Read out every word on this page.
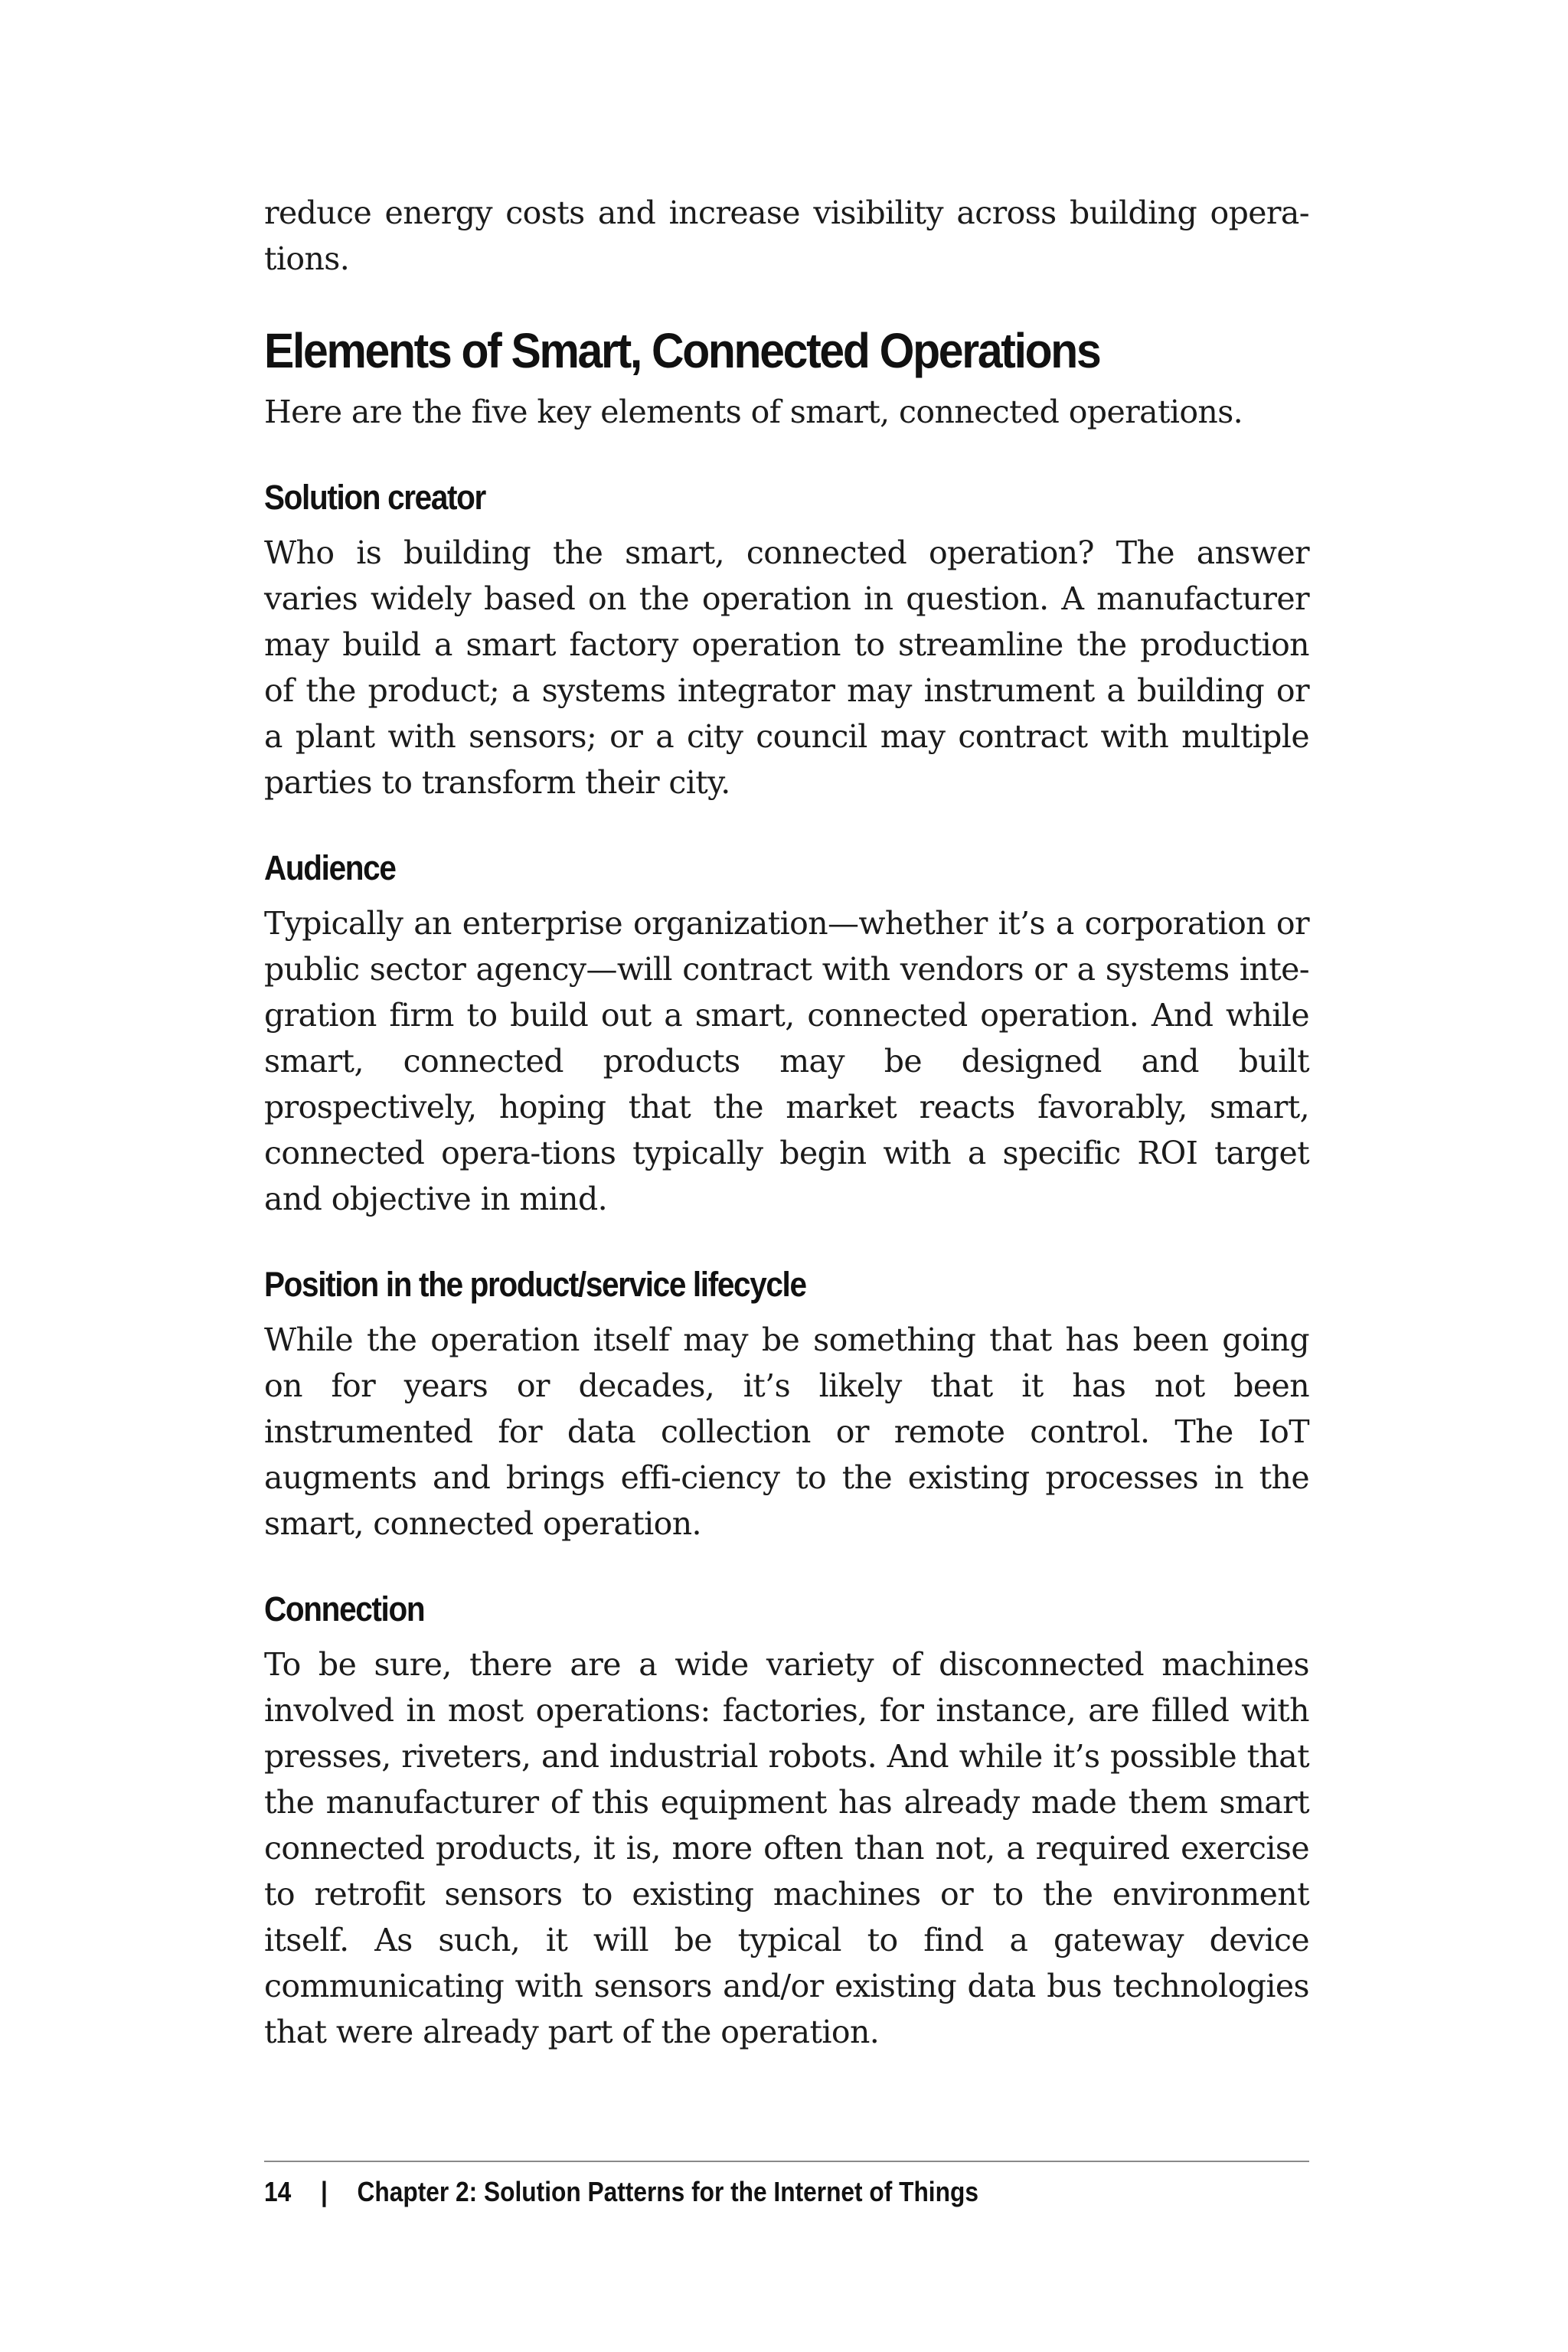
reduce energy costs and increase visibility across building opera-tions.

Elements of Smart, Connected Operations

Here are the five key elements of smart, connected operations.

Solution creator

Who is building the smart, connected operation? The answer varies widely based on the operation in question. A manufacturer may build a smart factory operation to streamline the production of the product; a systems integrator may instrument a building or a plant with sensors; or a city council may contract with multiple parties to transform their city.

Audience

Typically an enterprise organization—whether it’s a corporation or public sector agency—will contract with vendors or a systems inte-gration firm to build out a smart, connected operation. And while smart, connected products may be designed and built prospectively, hoping that the market reacts favorably, smart, connected opera-tions typically begin with a specific ROI target and objective in mind.

Position in the product/service lifecycle

While the operation itself may be something that has been going on for years or decades, it’s likely that it has not been instrumented for data collection or remote control. The IoT augments and brings effi-ciency to the existing processes in the smart, connected operation.

Connection

To be sure, there are a wide variety of disconnected machines involved in most operations: factories, for instance, are filled with presses, riveters, and industrial robots. And while it’s possible that the manufacturer of this equipment has already made them smart connected products, it is, more often than not, a required exercise to retrofit sensors to existing machines or to the environment itself. As such, it will be typical to find a gateway device communicating with sensors and/or existing data bus technologies that were already part of the operation.

14 | Chapter 2: Solution Patterns for the Internet of Things
